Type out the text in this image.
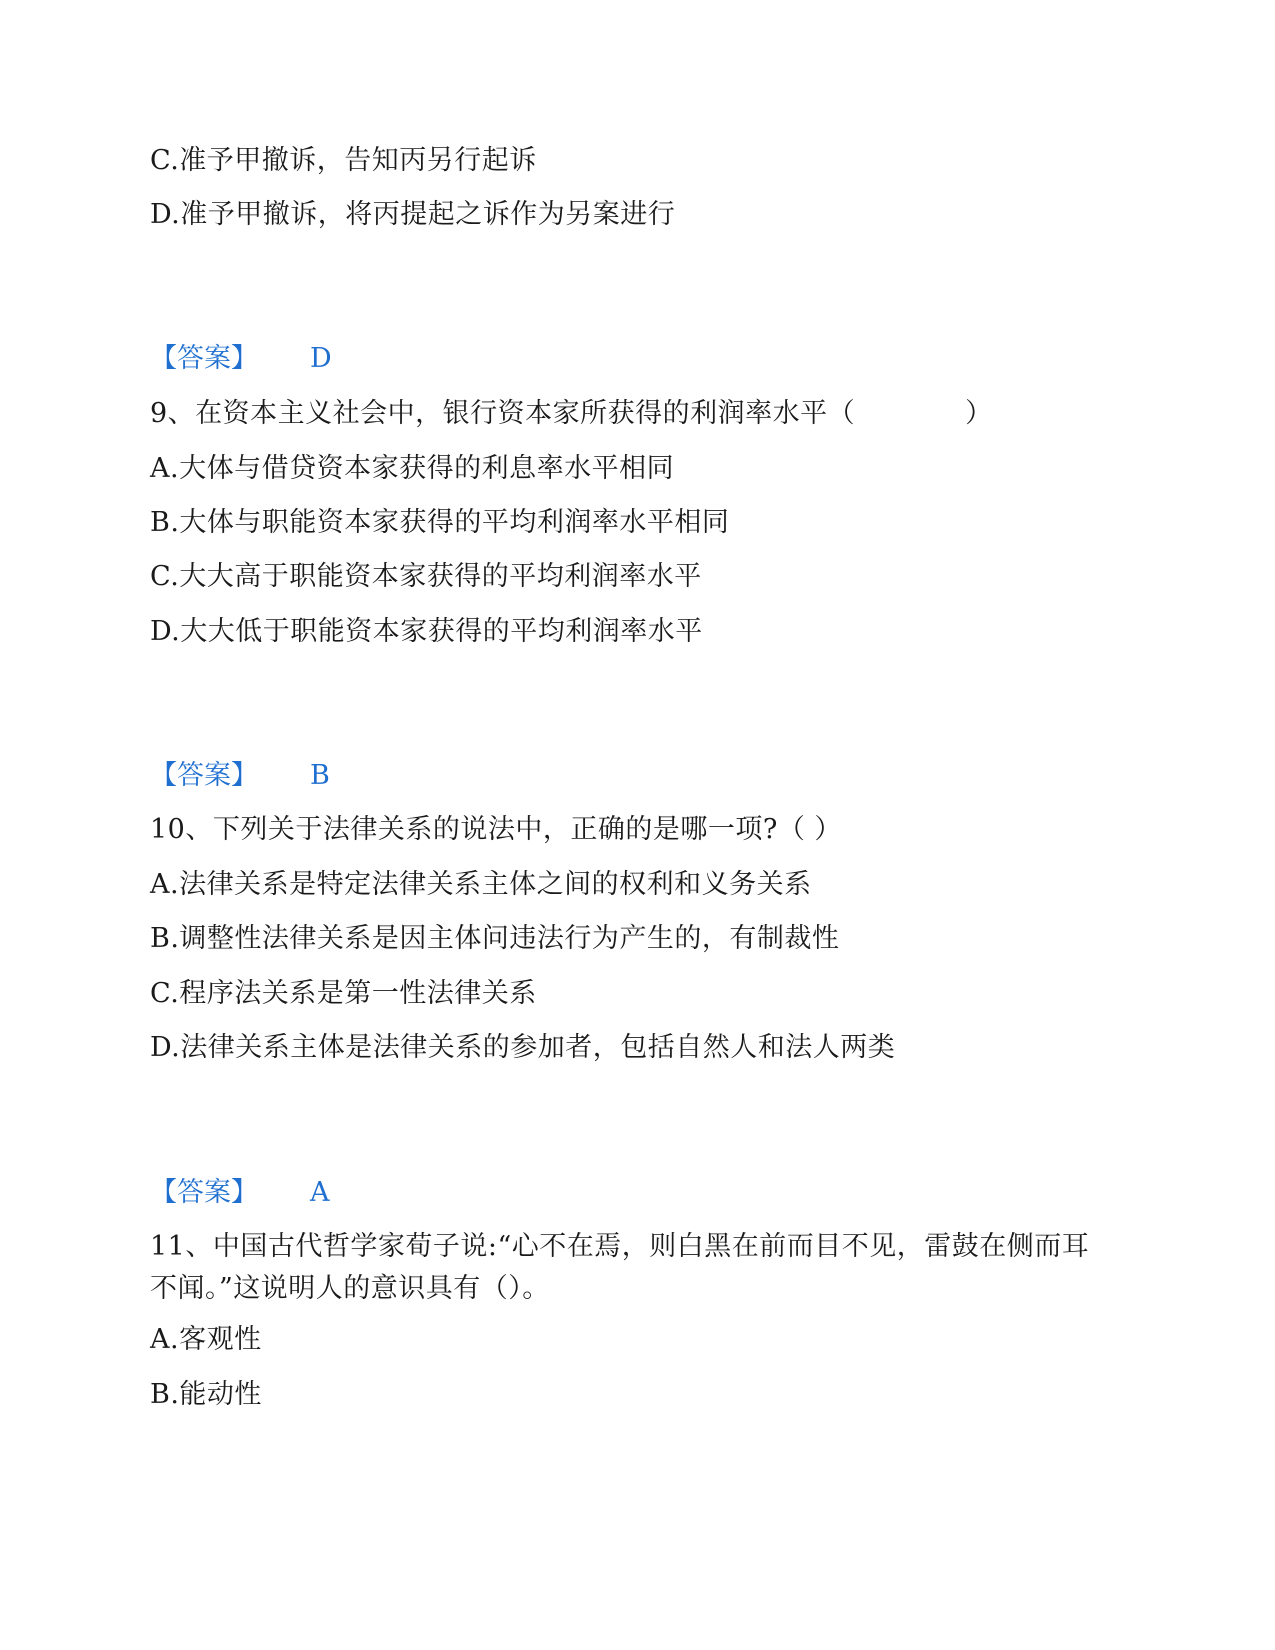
C.准予甲撤诉，告知丙另行起诉
D.准予甲撤诉，将丙提起之诉作为另案进行
【答案】 D
9、在资本主义社会中，银行资本家所获得的利润率水平（　　　　）
A.大体与借贷资本家获得的利息率水平相同
B.大体与职能资本家获得的平均利润率水平相同
C.大大高于职能资本家获得的平均利润率水平
D.大大低于职能资本家获得的平均利润率水平
【答案】 B
10、下列关于法律关系的说法中，正确的是哪一项?（ ）
A.法律关系是特定法律关系主体之间的权利和义务关系
B.调整性法律关系是因主体问违法行为产生的，有制裁性
C.程序法关系是第一性法律关系
D.法律关系主体是法律关系的参加者，包括自然人和法人两类
【答案】 A
11、中国古代哲学家荀子说:“心不在焉，则白黑在前而目不见，雷鼓在侧而耳不闻。”这说明人的意识具有（）。
A.客观性
B.能动性
